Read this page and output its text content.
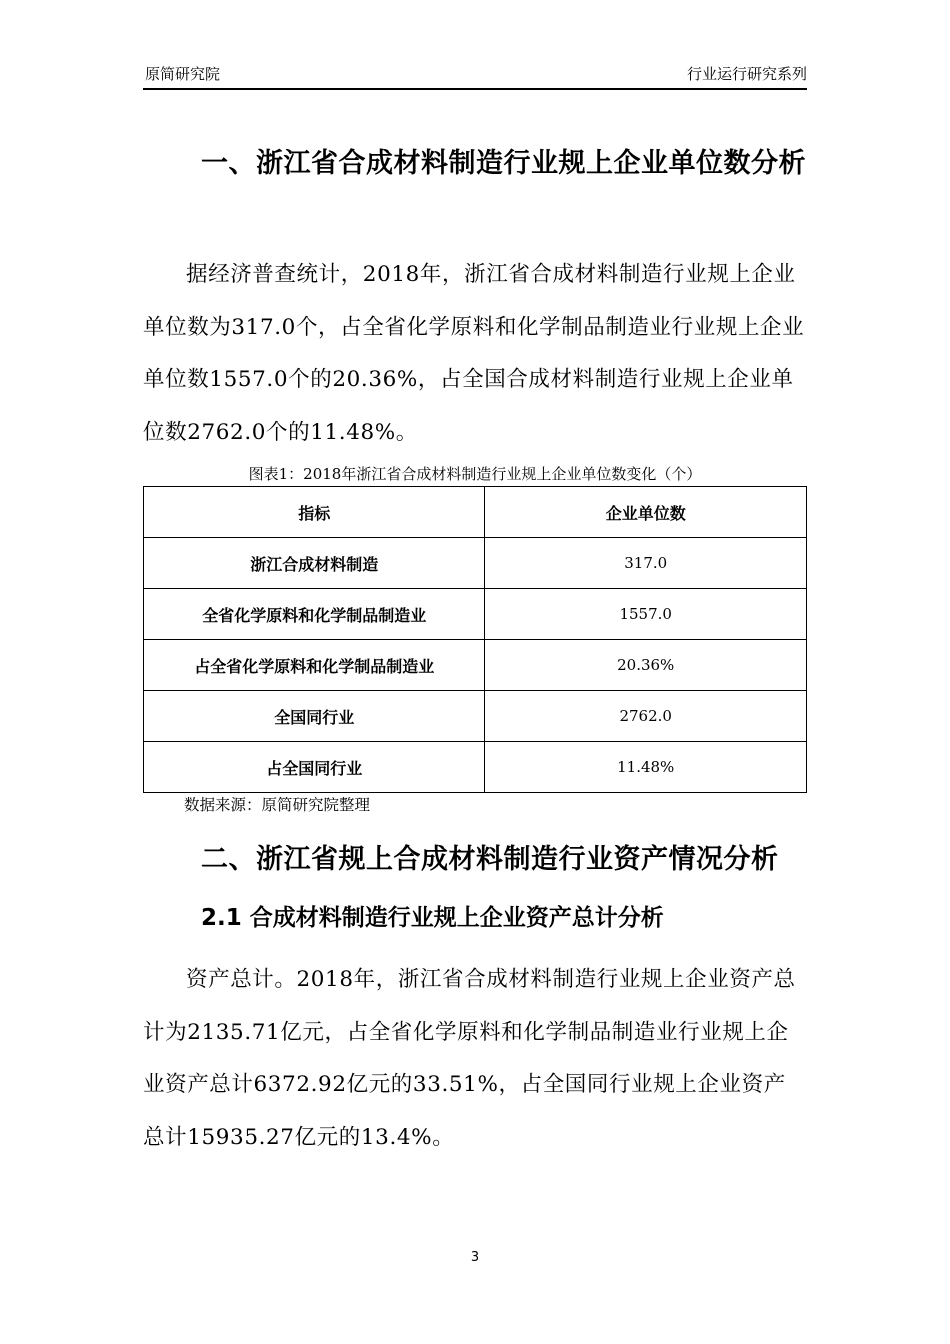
原简研究院	行业运行研究系列
一、浙江省合成材料制造行业规上企业单位数分析
据经济普查统计，2018年，浙江省合成材料制造行业规上企业单位数为317.0个，占全省化学原料和化学制品制造业行业规上企业单位数1557.0个的20.36%，占全国合成材料制造行业规上企业单位数2762.0个的11.48%。
图表1：2018年浙江省合成材料制造行业规上企业单位数变化（个）
指标	企业单位数
浙江合成材料制造	317.0
全省化学原料和化学制品制造业	1557.0
占全省化学原料和化学制品制造业	20.36%
全国同行业	2762.0
占全国同行业	11.48%
数据来源：原简研究院整理
二、浙江省规上合成材料制造行业资产情况分析
2.1 合成材料制造行业规上企业资产总计分析
资产总计。2018年，浙江省合成材料制造行业规上企业资产总计为2135.71亿元，占全省化学原料和化学制品制造业行业规上企业资产总计6372.92亿元的33.51%，占全国同行业规上企业资产总计15935.27亿元的13.4%。
3
